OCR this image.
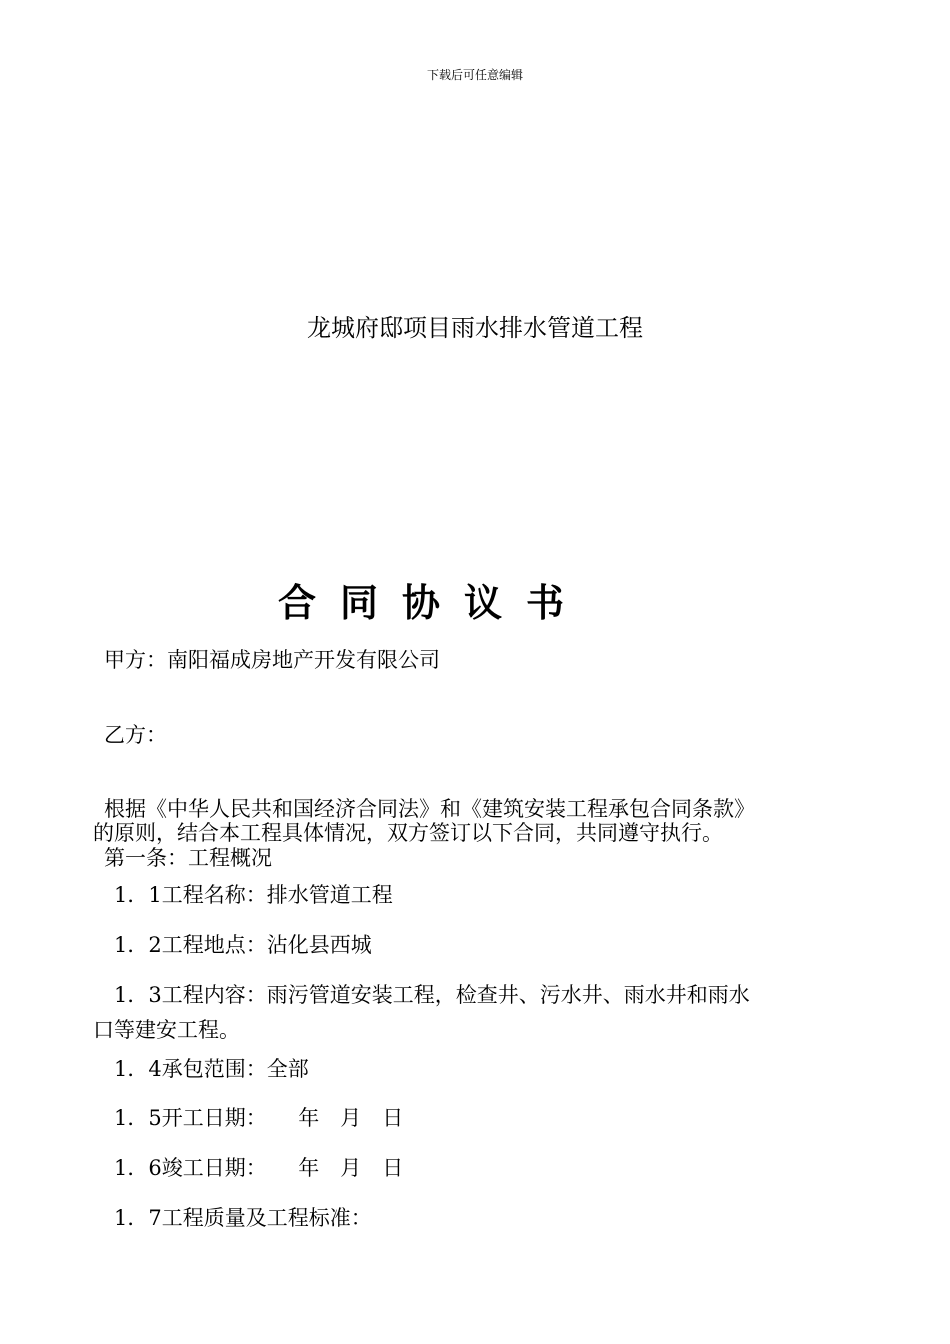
下载后可任意编辑

龙城府邸项目雨水排水管道工程
合同协议书

甲方：南阳福成房地产开发有限公司

乙方：

根据《中华人民共和国经济合同法》和《建筑安装工程承包合同条款》

的原则，结合本工程具体情况，双方签订以下合同，共同遵守执行。

第一条：工程概况

1．1工程名称：排水管道工程

1．2工程地点：沾化县西城

1．3工程内容：雨污管道安装工程，检查井、污水井、雨水井和雨水

口等建安工程。

1．4承包范围：全部

1．5开工日期：　　年　月　日

1．6竣工日期：　　年　月　日

1．7工程质量及工程标准：
